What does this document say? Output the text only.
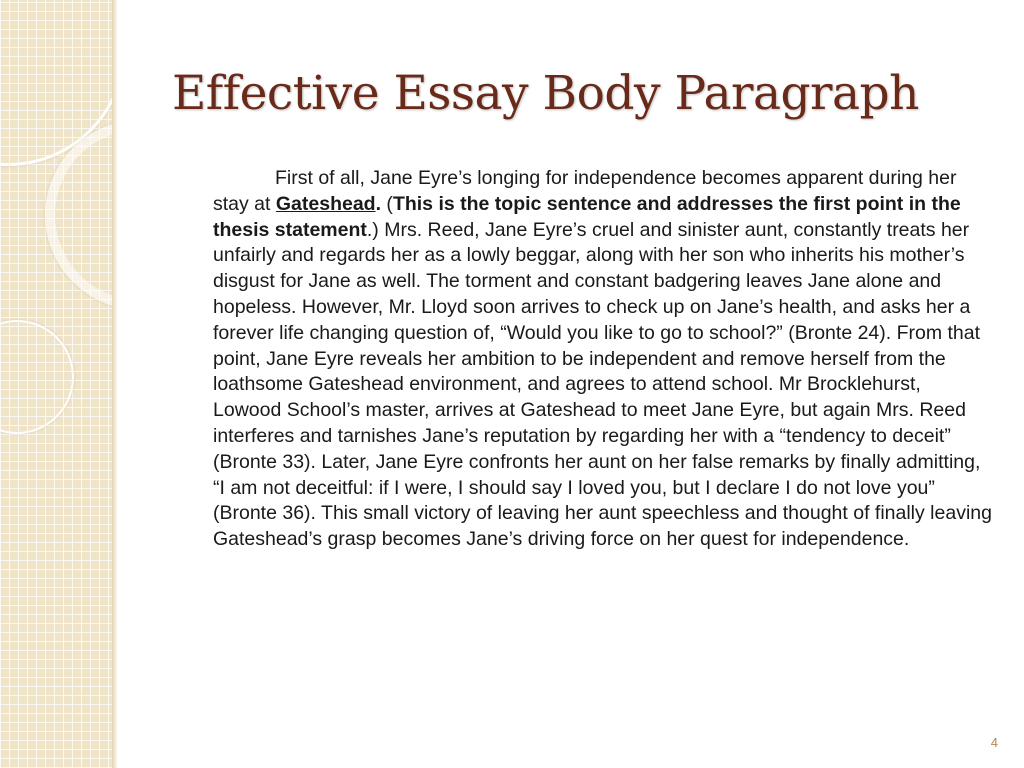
Effective Essay Body Paragraph

First of all, Jane Eyre’s longing for independence becomes apparent during her stay at Gateshead. (This is the topic sentence and addresses the first point in the thesis statement.) Mrs. Reed, Jane Eyre’s cruel and sinister aunt, constantly treats her unfairly and regards her as a lowly beggar, along with her son who inherits his mother’s disgust for Jane as well. The torment and constant badgering leaves Jane alone and hopeless. However, Mr. Lloyd soon arrives to check up on Jane’s health, and asks her a forever life changing question of, “Would you like to go to school?” (Bronte 24). From that point, Jane Eyre reveals her ambition to be independent and remove herself from the loathsome Gateshead environment, and agrees to attend school. Mr Brocklehurst, Lowood School’s master, arrives at Gateshead to meet Jane Eyre, but again Mrs. Reed interferes and tarnishes Jane’s reputation by regarding her with a “tendency to deceit” (Bronte 33). Later, Jane Eyre confronts her aunt on her false remarks by finally admitting, “I am not deceitful: if I were, I should say I loved you, but I declare I do not love you” (Bronte 36). This small victory of leaving her aunt speechless and thought of finally leaving Gateshead’s grasp becomes Jane’s driving force on her quest for independence.

4
